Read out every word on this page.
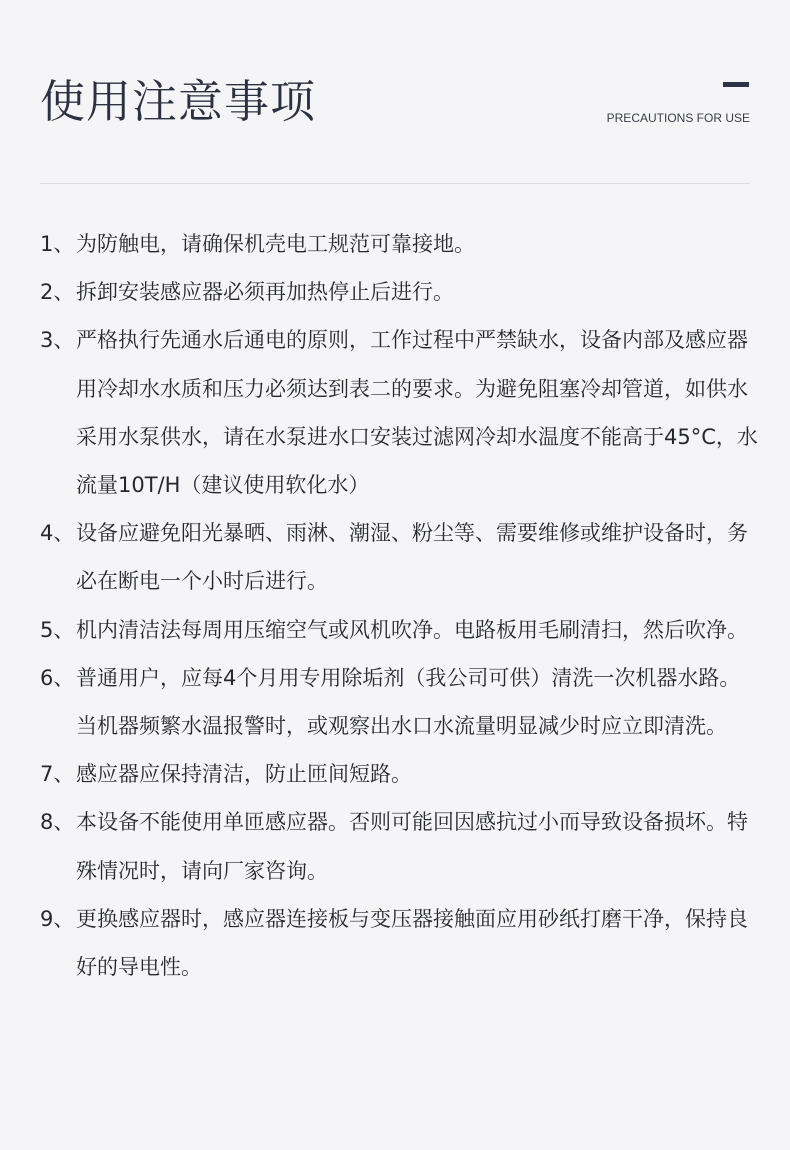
使用注意事项	PRECAUTIONS FOR USE
1、 为防触电，请确保机壳电工规范可靠接地。
2、 拆卸安装感应器必须再加热停止后进行。
3、 严格执行先通水后通电的原则，工作过程中严禁缺水，设备内部及感应器用冷却水水质和压力必须达到表二的要求。为避免阻塞冷却管道，如供水采用水泵供水，请在水泵进水口安装过滤网冷却水温度不能高于45°C，水流量10T/H（建议使用软化水）
4、 设备应避免阳光暴晒、雨淋、潮湿、粉尘等、需要维修或维护设备时，务必在断电一个小时后进行。
5、 机内清洁法每周用压缩空气或风机吹净。电路板用毛刷清扫，然后吹净。
6、 普通用户，应每4个月用专用除垢剂（我公司可供）清洗一次机器水路。当机器频繁水温报警时，或观察出水口水流量明显减少时应立即清洗。
7、 感应器应保持清洁，防止匝间短路。
8、 本设备不能使用单匝感应器。否则可能回因感抗过小而导致设备损坏。特殊情况时，请向厂家咨询。
9、 更换感应器时，感应器连接板与变压器接触面应用砂纸打磨干净，保持良好的导电性。
